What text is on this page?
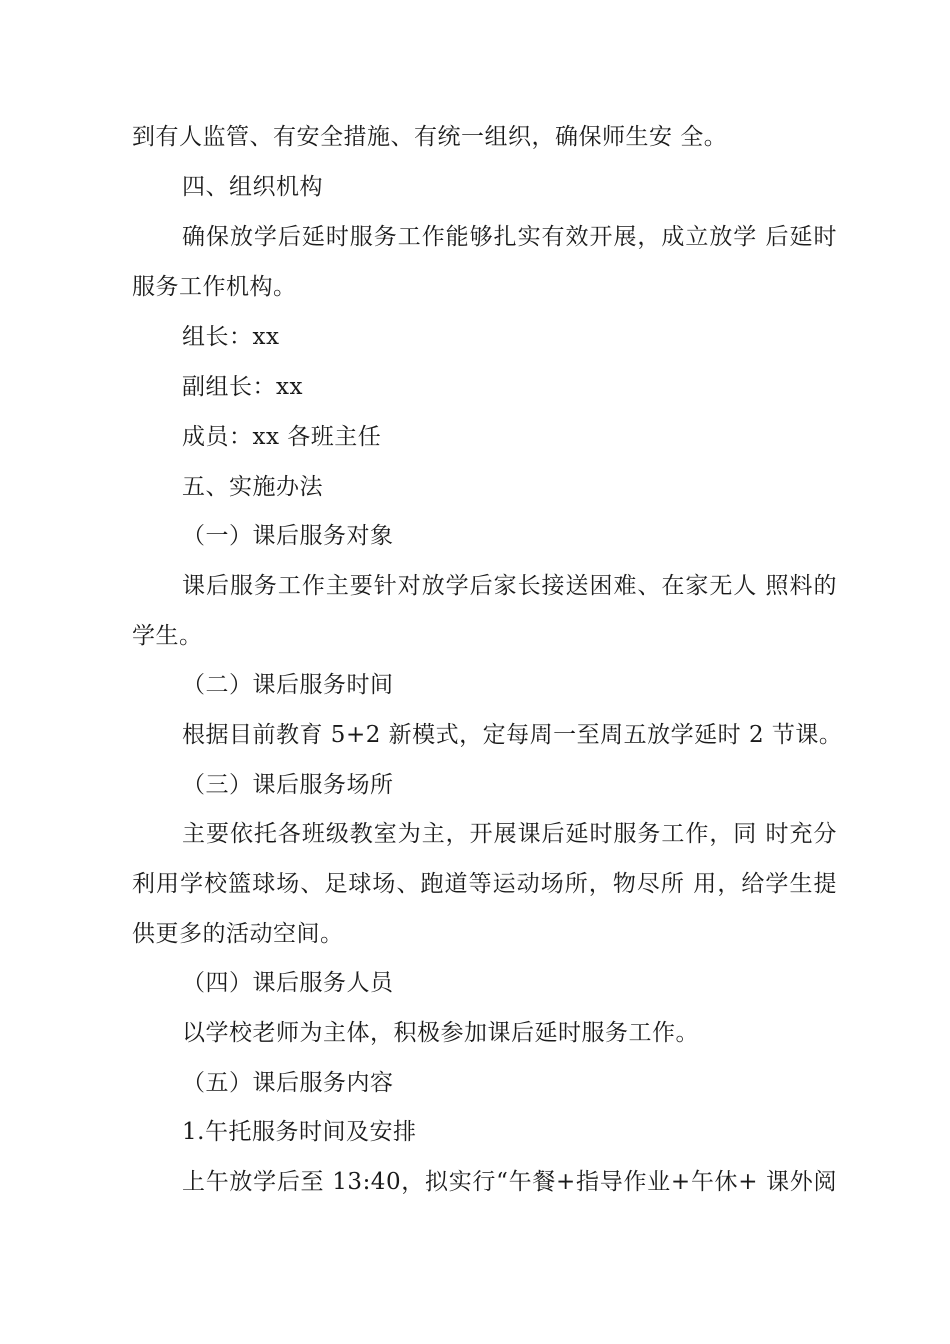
到有人监管、有安全措施、有统一组织，确保师生安 全。
四、组织机构
确保放学后延时服务工作能够扎实有效开展，成立放学 后延时
服务工作机构。
组长：xx
副组长：xx
成员：xx 各班主任
五、实施办法
（一）课后服务对象
课后服务工作主要针对放学后家长接送困难、在家无人 照料的
学生。
（二）课后服务时间
根据目前教育 5+2 新模式，定每周一至周五放学延时 2 节课。
（三）课后服务场所
主要依托各班级教室为主，开展课后延时服务工作，同 时充分
利用学校篮球场、足球场、跑道等运动场所，物尽所 用，给学生提
供更多的活动空间。
（四）课后服务人员
以学校老师为主体，积极参加课后延时服务工作。
（五）课后服务内容
1.午托服务时间及安排
上午放学后至 13:40，拟实行“午餐+指导作业+午休+ 课外阅
